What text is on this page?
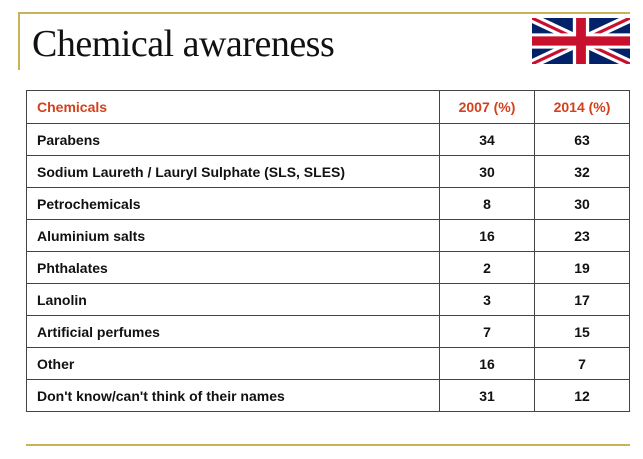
Chemical awareness
Chemicals	2007 (%)	2014 (%)
Parabens	34	63
Sodium Laureth / Lauryl Sulphate (SLS, SLES)	30	32
Petrochemicals	8	30
Aluminium salts	16	23
Phthalates	2	19
Lanolin	3	17
Artificial perfumes	7	15
Other	16	7
Don't know/can't think of their names	31	12
